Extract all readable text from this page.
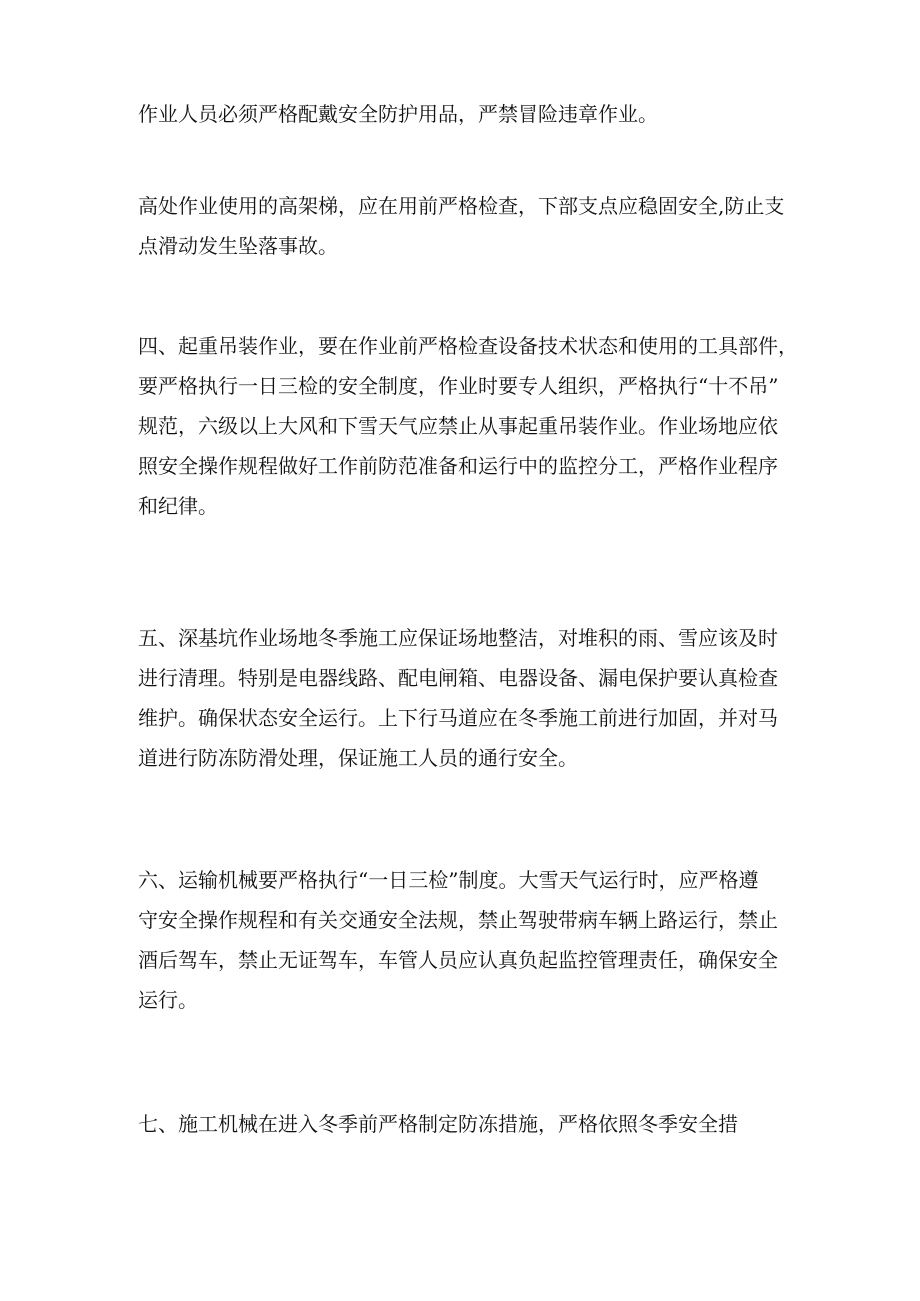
作业人员必须严格配戴安全防护用品，严禁冒险违章作业。

高处作业使用的高架梯，应在用前严格检查，下部支点应稳固安全,防止支
点滑动发生坠落事故。

四、起重吊装作业，要在作业前严格检查设备技术状态和使用的工具部件，
要严格执行一日三检的安全制度，作业时要专人组织，严格执行“十不吊”
规范，六级以上大风和下雪天气应禁止从事起重吊装作业。作业场地应依
照安全操作规程做好工作前防范准备和运行中的监控分工，严格作业程序
和纪律。

五、深基坑作业场地冬季施工应保证场地整洁，对堆积的雨、雪应该及时
进行清理。特别是电器线路、配电闸箱、电器设备、漏电保护要认真检查
维护。确保状态安全运行。上下行马道应在冬季施工前进行加固，并对马
道进行防冻防滑处理，保证施工人员的通行安全。

六、运输机械要严格执行“一日三检”制度。大雪天气运行时，应严格遵
守安全操作规程和有关交通安全法规，禁止驾驶带病车辆上路运行，禁止
酒后驾车，禁止无证驾车，车管人员应认真负起监控管理责任，确保安全
运行。

七、施工机械在进入冬季前严格制定防冻措施，严格依照冬季安全措
